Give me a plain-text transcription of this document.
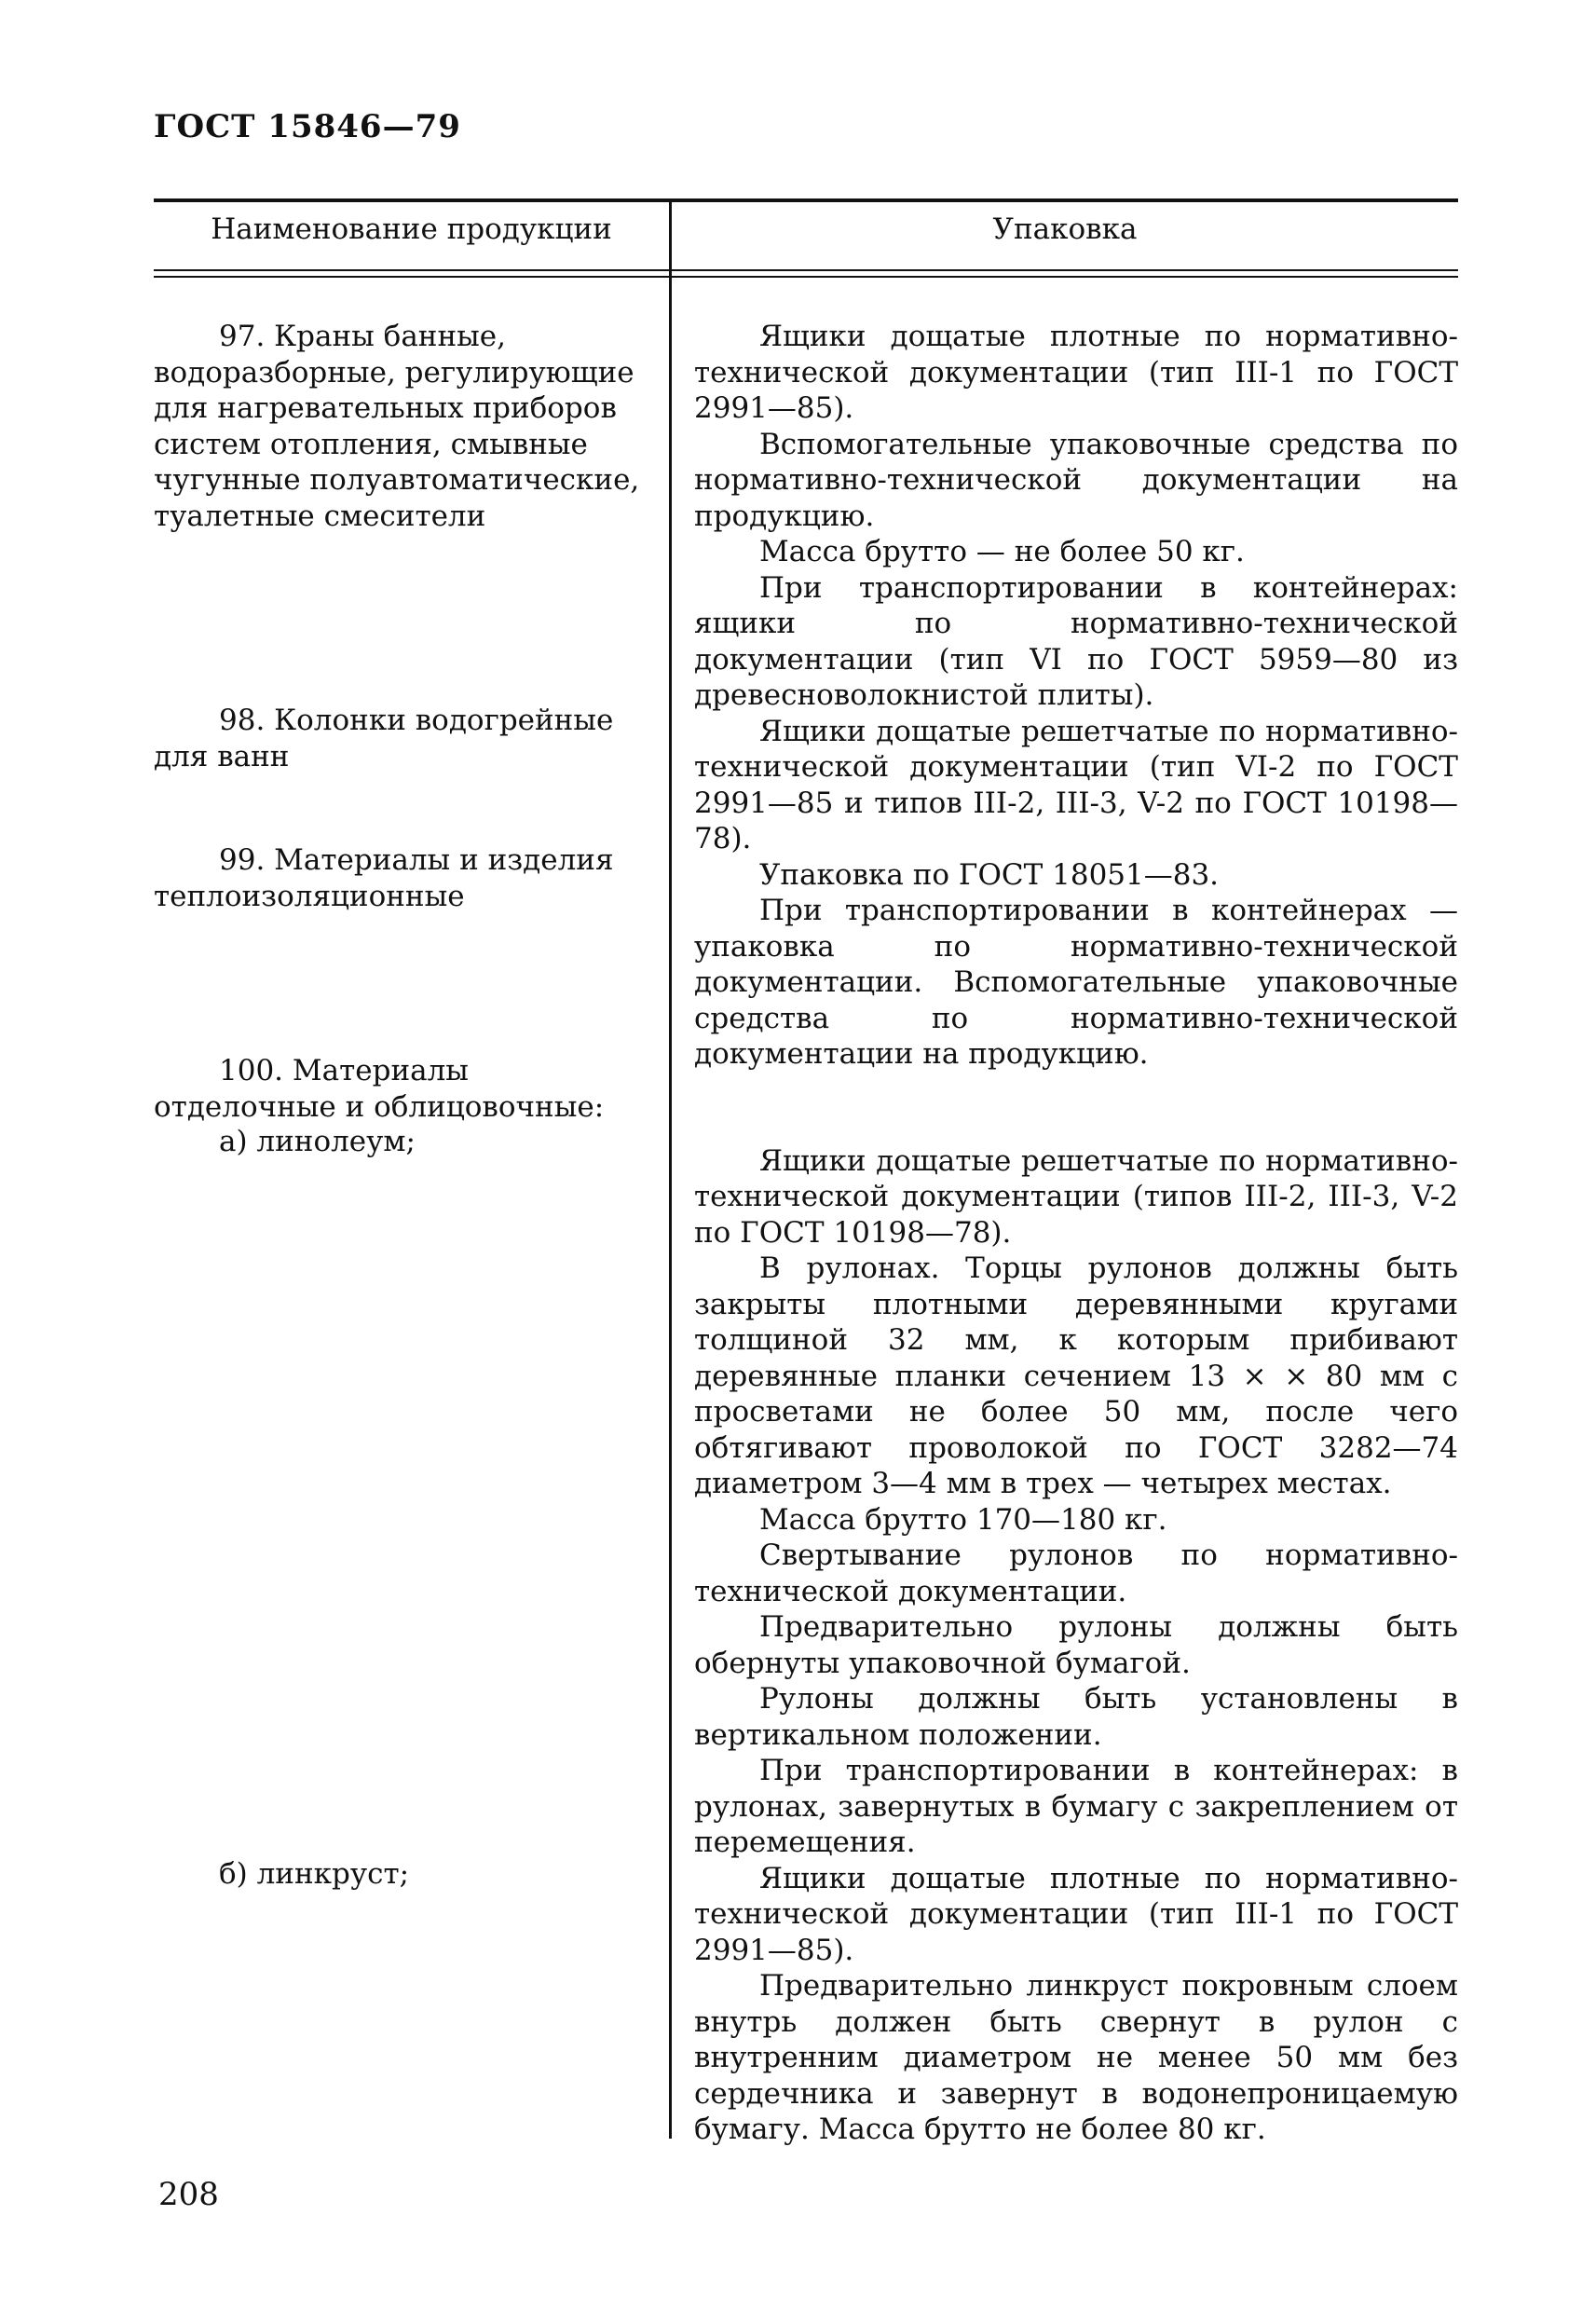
ГОСТ 15846—79
Наименование продукции	Упаковка
97. Краны банные, водоразборные, регулирующие для нагревательных приборов систем отопления, смывные чугунные полуавтоматические, туалетные смесители
98. Колонки водогрейные для ванн
99. Материалы и изделия теплоизоляционные
100. Материалы отделочные и облицовочные:
а) линолеум;
б) линкруст;

Ящики дощатые плотные по нормативно-технической документации (тип III-1 по ГОСТ 2991—85).

Вспомогательные упаковочные средства по нормативно-технической документации на продукцию.

Масса брутто — не более 50 кг.

При транспортировании в контейнерах: ящики по нормативно-технической документации (тип VI по ГОСТ 5959—80 из древесноволокнистой плиты).

Ящики дощатые решетчатые по нормативно-технической документации (тип VI-2 по ГОСТ 2991—85 и типов III-2, III-3, V-2 по ГОСТ 10198—78).

Упаковка по ГОСТ 18051—83.

При транспортировании в контейнерах — упаковка по нормативно-технической документации. Вспомогательные упаковочные средства по нормативно-технической документации на продукцию.

Ящики дощатые решетчатые по нормативно-технической документации (типов III-2, III-3, V-2 по ГОСТ 10198—78).

В рулонах. Торцы рулонов должны быть закрыты плотными деревянными кругами толщиной 32 мм, к которым прибивают деревянные планки сечением 13 × × 80 мм с просветами не более 50 мм, после чего обтягивают проволокой по ГОСТ 3282—74 диаметром 3—4 мм в трех — четырех местах.

Масса брутто 170—180 кг.

Свертывание рулонов по нормативно-технической документации.

Предварительно рулоны должны быть обернуты упаковочной бумагой.

Рулоны должны быть установлены в вертикальном положении.

При транспортировании в контейнерах: в рулонах, завернутых в бумагу с закреплением от перемещения.

Ящики дощатые плотные по нормативно-технической документации (тип III-1 по ГОСТ 2991—85).

Предварительно линкруст покровным слоем внутрь должен быть свернут в рулон с внутренним диаметром не менее 50 мм без сердечника и завернут в водонепроницаемую бумагу. Масса брутто не более 80 кг.

208
